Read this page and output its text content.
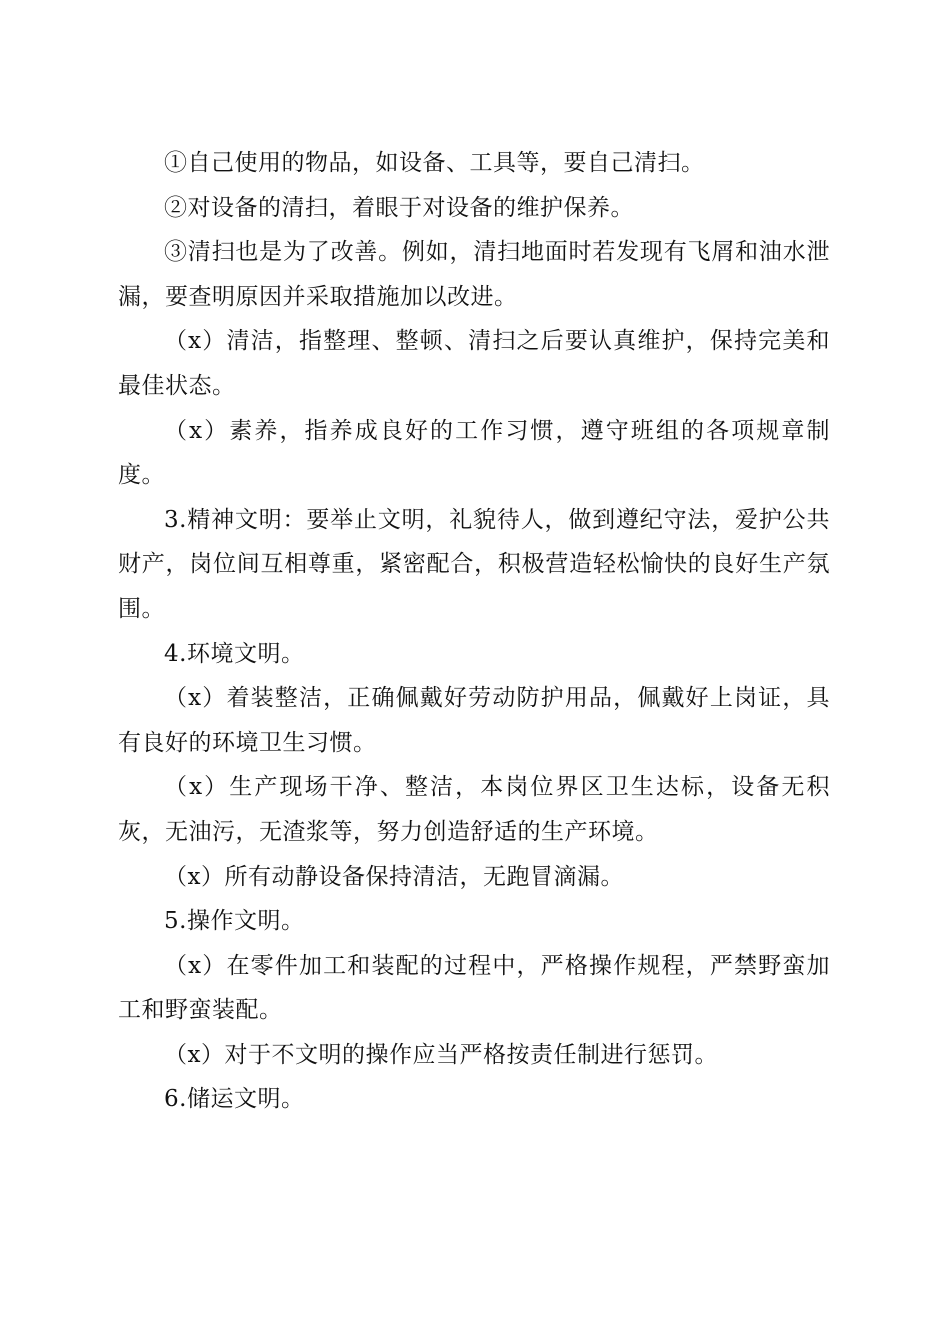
①自己使用的物品，如设备、工具等，要自己清扫。

②对设备的清扫，着眼于对设备的维护保养。

③清扫也是为了改善。例如，清扫地面时若发现有飞屑和油水泄漏，要查明原因并采取措施加以改进。

（x）清洁，指整理、整顿、清扫之后要认真维护，保持完美和最佳状态。

（x）素养，指养成良好的工作习惯，遵守班组的各项规章制度。

3.精神文明：要举止文明，礼貌待人，做到遵纪守法，爱护公共财产，岗位间互相尊重，紧密配合，积极营造轻松愉快的良好生产氛围。

4.环境文明。

（x）着装整洁，正确佩戴好劳动防护用品，佩戴好上岗证，具有良好的环境卫生习惯。

（x）生产现场干净、整洁，本岗位界区卫生达标，设备无积灰，无油污，无渣浆等，努力创造舒适的生产环境。

（x）所有动静设备保持清洁，无跑冒滴漏。

5.操作文明。

（x）在零件加工和装配的过程中，严格操作规程，严禁野蛮加工和野蛮装配。

（x）对于不文明的操作应当严格按责任制进行惩罚。

6.储运文明。
